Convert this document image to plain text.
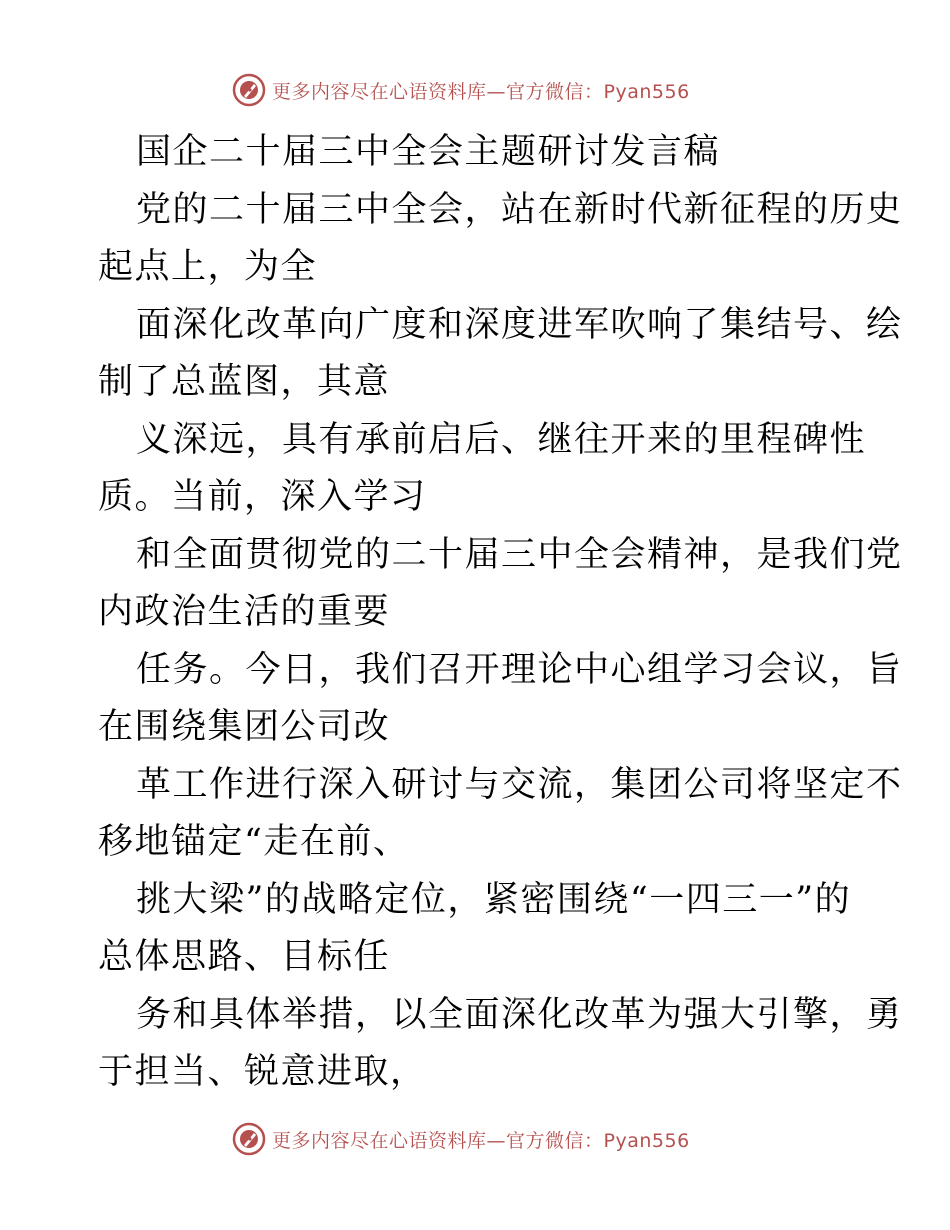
更多内容尽在心语资料库—官方微信：Pyan556
国企二十届三中全会主题研讨发言稿
党的二十届三中全会，站在新时代新征程的历史
起点上，为全
面深化改革向广度和深度进军吹响了集结号、绘
制了总蓝图，其意
义深远，具有承前启后、继往开来的里程碑性
质。当前，深入学习
和全面贯彻党的二十届三中全会精神，是我们党
内政治生活的重要
任务。今日，我们召开理论中心组学习会议，旨
在围绕集团公司改
革工作进行深入研讨与交流，集团公司将坚定不
移地锚定“走在前、
挑大梁”的战略定位，紧密围绕“一四三一”的
总体思路、目标任
务和具体举措，以全面深化改革为强大引擎，勇
于担当、锐意进取，
更多内容尽在心语资料库—官方微信：Pyan556
